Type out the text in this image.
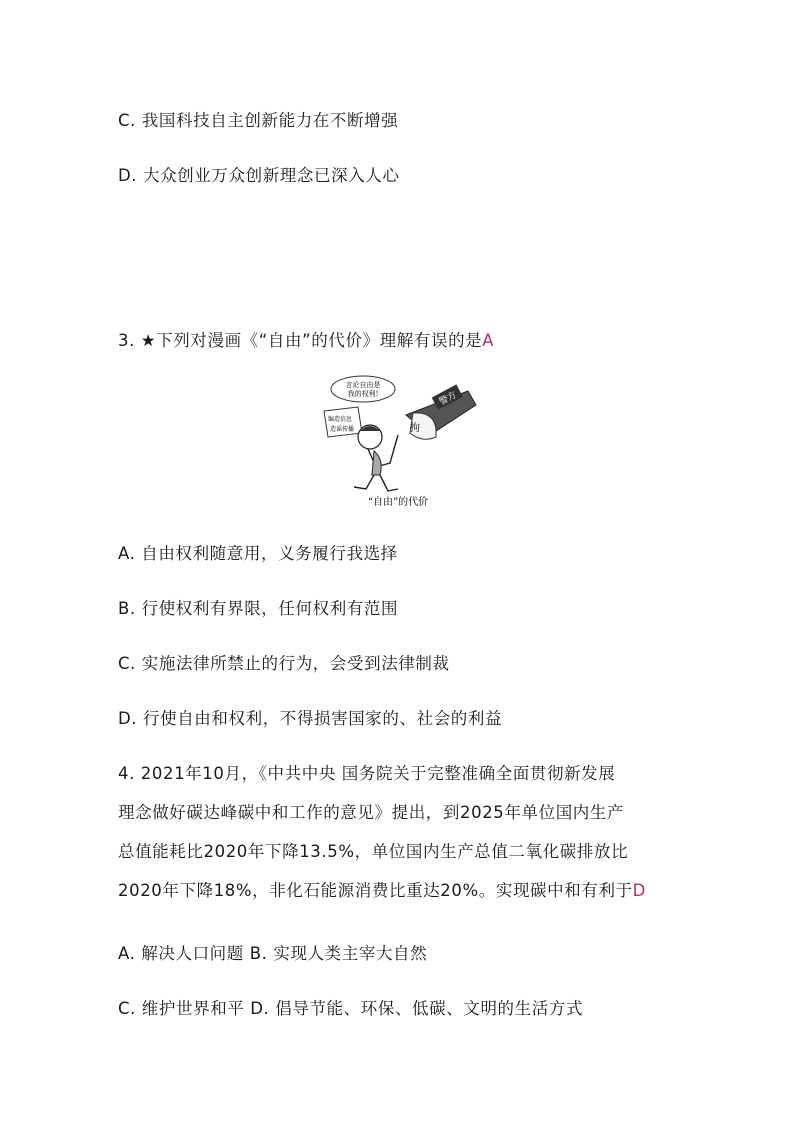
C. 我国科技自主创新能力在不断增强
D. 大众创业万众创新理念已深入人心
3. ★下列对漫画《“自由”的代价》理解有误的是A
言论自由是
我的权利!	警方
拘
编造信息
造谣传播
“自由”的代价
A. 自由权利随意用，义务履行我选择
B. 行使权利有界限，任何权利有范围
C. 实施法律所禁止的行为，会受到法律制裁
D. 行使自由和权利，不得损害国家的、社会的利益
4. 2021年10月，《中共中央 国务院关于完整准确全面贯彻新发展
理念做好碳达峰碳中和工作的意见》提出，到2025年单位国内生产
总值能耗比2020年下降13.5%，单位国内生产总值二氧化碳排放比
2020年下降18%，非化石能源消费比重达20%。实现碳中和有利于D
A. 解决人口问题 B. 实现人类主宰大自然
C. 维护世界和平 D. 倡导节能、环保、低碳、文明的生活方式
